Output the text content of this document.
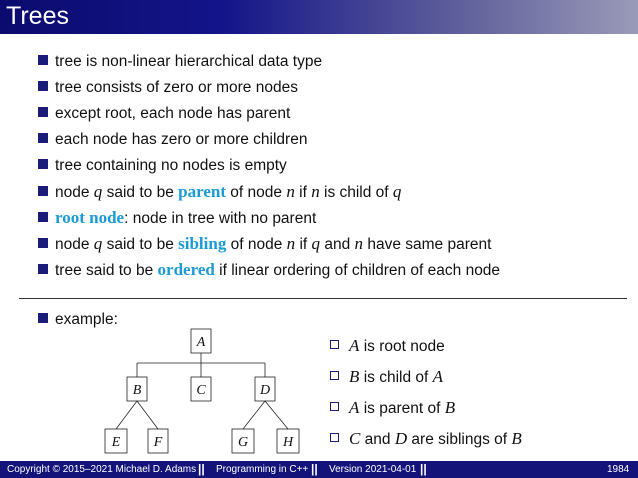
Trees
tree is non-linear hierarchical data type
tree consists of zero or more nodes
except root, each node has parent
each node has zero or more children
tree containing no nodes is empty
node q said to be parent of node n if n is child of q
root node: node in tree with no parent
node q said to be sibling of node n if q and n have same parent
tree said to be ordered if linear ordering of children of each node
example:
A
B	C	D
E F	G H
A is root node
B is child of A
A is parent of B
C and D are siblings of B
Copyright © 2015–2021 Michael D. Adams || Programming in C++ || Version 2021-04-01 ||	1984
